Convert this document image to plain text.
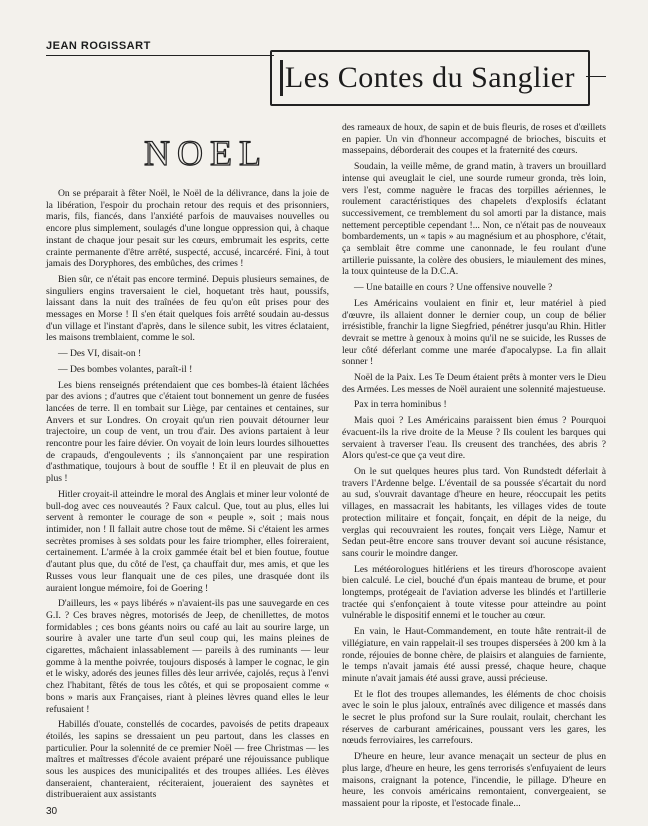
JEAN ROGISSART
Les Contes du Sanglier
NOEL

On se préparait à fêter Noël, le Noël de la délivrance, dans la joie de la libération, l'espoir du prochain retour des requis et des prisonniers, maris, fils, fiancés, dans l'anxiété parfois de mauvaises nouvelles ou encore plus simplement, soulagés d'une longue oppression qui, à chaque instant de chaque jour pesait sur les cœurs, embrumait les esprits, cette crainte permanente d'être arrêté, suspecté, accusé, incarcéré. Fini, à tout jamais des Doryphores, des embûches, des crimes !

Bien sûr, ce n'était pas encore terminé. Depuis plusieurs semaines, de singuliers engins traversaient le ciel, hoquetant très haut, poussifs, laissant dans la nuit des traînées de feu qu'on eût prises pour des messages en Morse ! Il s'en était quelques fois arrêté soudain au-dessus d'un village et l'instant d'après, dans le silence subit, les vitres éclataient, les maisons tremblaient, comme le sol.

— Des VI, disait-on !

— Des bombes volantes, paraît-il !

Les biens renseignés prétendaient que ces bombes-là étaient lâchées par des avions ; d'autres que c'étaient tout bonnement un genre de fusées lancées de terre. Il en tombait sur Liège, par centaines et centaines, sur Anvers et sur Londres. On croyait qu'un rien pouvait détourner leur trajectoire, un coup de vent, un trou d'air. Des avions partaient à leur rencontre pour les faire dévier. On voyait de loin leurs lourdes silhouettes de crapauds, d'engoulevents ; ils s'annonçaient par une respiration d'asthmatique, toujours à bout de souffle ! Et il en pleuvait de plus en plus !

Hitler croyait-il atteindre le moral des Anglais et miner leur volonté de bull-dog avec ces nouveautés ? Faux calcul. Que, tout au plus, elles lui servent à remonter le courage de son « peuple », soit ; mais nous intimider, non ! Il fallait autre chose tout de même. Si c'étaient les armes secrètes promises à ses soldats pour les faire triompher, elles foireraient, certainement. L'armée à la croix gammée était bel et bien foutue, foutue d'autant plus que, du côté de l'est, ça chauffait dur, mes amis, et que les Russes vous leur flanquait une de ces piles, une drasquée dont ils auraient longue mémoire, foi de Goering !

D'ailleurs, les « pays libérés » n'avaient-ils pas une sauvegarde en ces G.I. ? Ces braves nègres, motorisés de Jeep, de chenillettes, de motos formidables ; ces bons géants noirs ou café au lait au sourire large, un sourire à avaler une tarte d'un seul coup qui, les mains pleines de cigarettes, mâchaient inlassablement — pareils à des ruminants — leur gomme à la menthe poivrée, toujours disposés à lamper le cognac, le gin et le wisky, adorés des jeunes filles dès leur arrivée, cajolés, reçus à l'envi chez l'habitant, fêtés de tous les côtés, et qui se proposaient comme « bons » maris aux Françaises, riant à pleines lèvres quand elles le leur refusaient !

Habillés d'ouate, constellés de cocardes, pavoisés de petits drapeaux étoilés, les sapins se dressaient un peu partout, dans les classes en particulier. Pour la solennité de ce premier Noël — free Christmas — les maîtres et maîtresses d'école avaient préparé une réjouissance publique sous les auspices des municipalités et des troupes alliées. Les élèves danseraient, chanteraient, réciteraient, joueraient des saynètes et distribueraient aux assistants

des rameaux de houx, de sapin et de buis fleuris, de roses et d'œillets en papier. Un vin d'honneur accompagné de brioches, biscuits et massepains, déborderait des coupes et la fraternité des cœurs.

Soudain, la veille même, de grand matin, à travers un brouillard intense qui aveuglait le ciel, une sourde rumeur gronda, très loin, vers l'est, comme naguère le fracas des torpilles aériennes, le roulement caractéristiques des chapelets d'explosifs éclatant successivement, ce tremblement du sol amorti par la distance, mais nettement perceptible cependant !... Non, ce n'était pas de nouveaux bombardements, un « tapis » au magnésium et au phosphore, c'était, ça semblait être comme une canonnade, le feu roulant d'une artillerie puissante, la colère des obusiers, le miaulement des mines, la toux quinteuse de la D.C.A.

— Une bataille en cours ? Une offensive nouvelle ?

Les Américains voulaient en finir et, leur matériel à pied d'œuvre, ils allaient donner le dernier coup, un coup de bélier irrésistible, franchir la ligne Siegfried, pénétrer jusqu'au Rhin. Hitler devrait se mettre à genoux à moins qu'il ne se suicide, les Russes de leur côté déferlant comme une marée d'apocalypse. La fin allait sonner !

Noël de la Paix. Les Te Deum étaient prêts à monter vers le Dieu des Armées. Les messes de Noël auraient une solennité majestueuse.

Pax in terra hominibus !

Mais quoi ? Les Américains paraissent bien émus ? Pourquoi évacuent-ils la rive droite de la Meuse ? Ils coulent les barques qui servaient à traverser l'eau. Ils creusent des tranchées, des abris ? Alors qu'est-ce que ça veut dire.

On le sut quelques heures plus tard. Von Rundstedt déferlait à travers l'Ardenne belge. L'éventail de sa poussée s'écartait du nord au sud, s'ouvrait davantage d'heure en heure, réoccupait les petits villages, en massacrait les habitants, les villages vides de toute protection militaire et fonçait, fonçait, en dépit de la neige, du verglas qui recouvraient les routes, fonçait vers Liège, Namur et Sedan peut-être encore sans trouver devant soi aucune résistance, sans courir le moindre danger.

Les météorologues hitlériens et les tireurs d'horoscope avaient bien calculé. Le ciel, bouché d'un épais manteau de brume, et pour longtemps, protégeait de l'aviation adverse les blindés et l'artillerie tractée qui s'enfonçaient à toute vitesse pour atteindre au point vulnérable le dispositif ennemi et le toucher au cœur.

En vain, le Haut-Commandement, en toute hâte rentrait-il de villégiature, en vain rappelait-il ses troupes dispersées à 200 km à la ronde, réjouies de bonne chère, de plaisirs et alanguies de farniente, le temps n'avait jamais été aussi pressé, chaque heure, chaque minute n'avait jamais été aussi grave, aussi précieuse.

Et le flot des troupes allemandes, les éléments de choc choisis avec le soin le plus jaloux, entraînés avec diligence et massés dans le secret le plus profond sur la Sure roulait, roulait, cherchant les réserves de carburant américaines, poussant vers les gares, les nœuds ferroviaires, les carrefours.

D'heure en heure, leur avance menaçait un secteur de plus en plus large, d'heure en heure, les gens terrorisés s'enfuyaient de leurs maisons, craignant la potence, l'incendie, le pillage. D'heure en heure, les convois américains remontaient, convergeaient, se massaient pour la riposte, et l'estocade finale...

30
